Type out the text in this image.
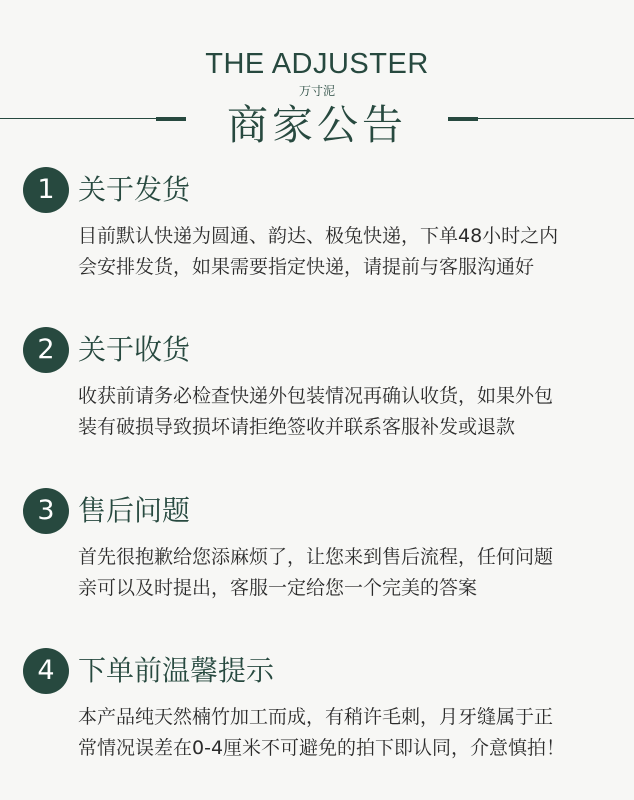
THE ADJUSTER
万寸泥
商家公告
1 关于发货
目前默认快递为圆通、韵达、极兔快递，下单48小时之内
会安排发货，如果需要指定快递，请提前与客服沟通好
2 关于收货
收获前请务必检查快递外包装情况再确认收货，如果外包
装有破损导致损坏请拒绝签收并联系客服补发或退款
3 售后问题
首先很抱歉给您添麻烦了，让您来到售后流程，任何问题
亲可以及时提出，客服一定给您一个完美的答案
4 下单前温馨提示
本产品纯天然楠竹加工而成，有稍许毛刺，月牙缝属于正
常情况误差在0-4厘米不可避免的拍下即认同，介意慎拍！
